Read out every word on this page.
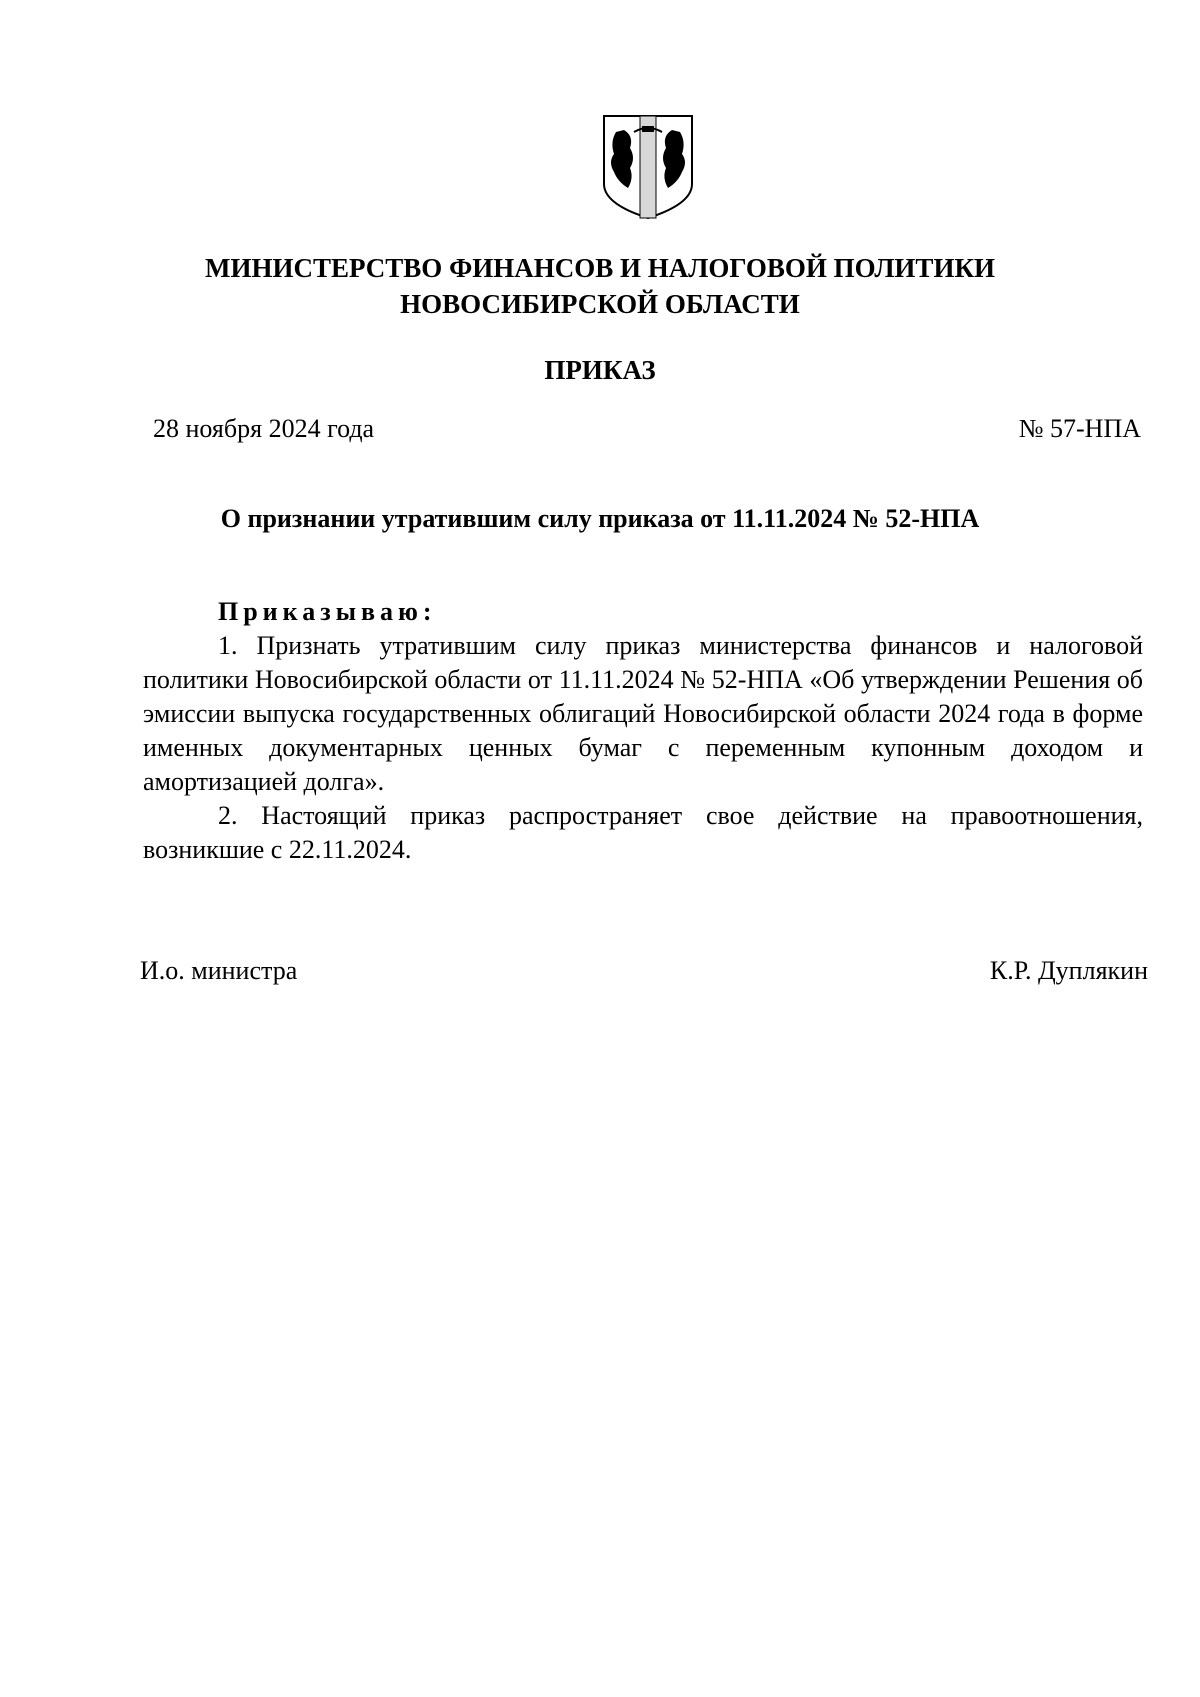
МИНИСТЕРСТВО ФИНАНСОВ И НАЛОГОВОЙ ПОЛИТИКИ
НОВОСИБИРСКОЙ ОБЛАСТИ
ПРИКАЗ
28 ноября 2024 года	№ 57-НПА
О признании утратившим силу приказа от 11.11.2024 № 52-НПА
Приказываю:

1. Признать утратившим силу приказ министерства финансов и налоговой политики Новосибирской области от 11.11.2024 № 52-НПА «Об утверждении Решения об эмиссии выпуска государственных облигаций Новосибирской области 2024 года в форме именных документарных ценных бумаг с переменным купонным доходом и амортизацией долга».

2. Настоящий приказ распространяет свое действие на правоотношения, возникшие с 22.11.2024.

И.о. министра	К.Р. Дуплякин
